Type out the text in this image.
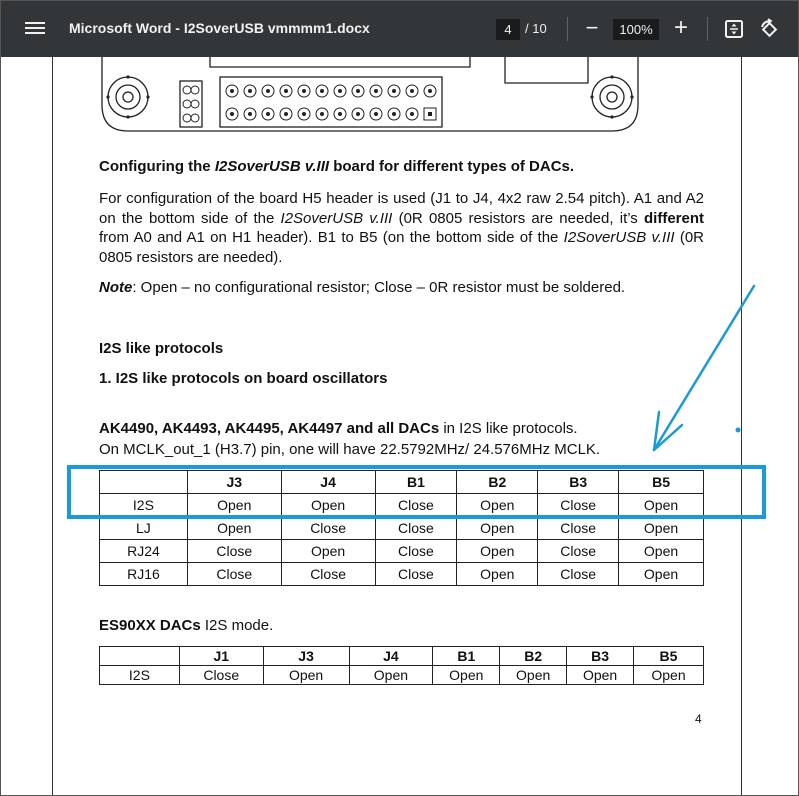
Microsoft Word - I2SoverUSB vmmmm1.docx	4	/ 10 −	100% +
Configuring the I2SoverUSB v.III board for different types of DACs.
For configuration of the board H5 header is used (J1 to J4, 4x2 raw 2.54 pitch). A1 and A2 on the bottom side of the I2SoverUSB v.III (0R 0805 resistors are needed, it’s different from A0 and A1 on H1 header). B1 to B5 (on the bottom side of the I2SoverUSB v.III (0R 0805 resistors are needed).
Note: Open – no configurational resistor; Close – 0R resistor must be soldered.
I2S like protocols
1. I2S like protocols on board oscillators
AK4490, AK4493, AK4495, AK4497 and all DACs in I2S like protocols.
On MCLK_out_1 (H3.7) pin, one will have 22.5792MHz/ 24.576MHz MCLK.
	J3	J4	B1	B2	B3	B5
I2S	Open	Open	Close	Open	Close	Open
LJ	Open	Close	Close	Open	Close	Open
RJ24	Close	Open	Close	Open	Close	Open
RJ16	Close	Close	Close	Open	Close	Open
ES90XX DACs I2S mode.
	J1	J3	J4	B1	B2	B3	B5
I2S	Close	Open	Open	Open	Open	Open	Open
4
